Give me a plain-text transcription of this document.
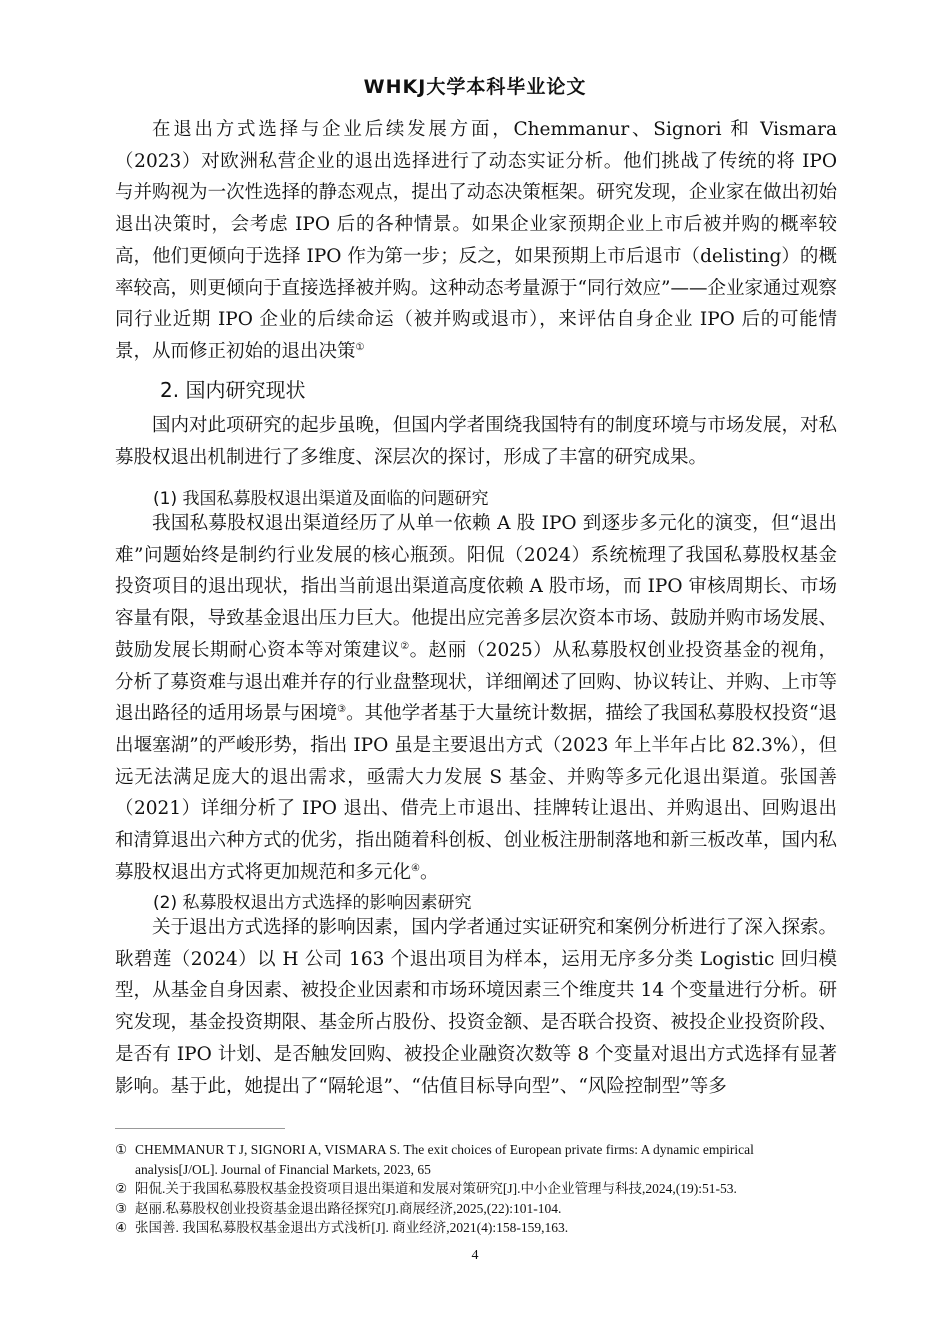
WHKJ大学本科毕业论文

在退出方式选择与企业后续发展方面，Chemmanur、Signori 和 Vismara（2023）对欧洲私营企业的退出选择进行了动态实证分析。他们挑战了传统的将 IPO 与并购视为一次性选择的静态观点，提出了动态决策框架。研究发现，企业家在做出初始退出决策时，会考虑 IPO 后的各种情景。如果企业家预期企业上市后被并购的概率较高，他们更倾向于选择 IPO 作为第一步；反之，如果预期上市后退市（delisting）的概率较高，则更倾向于直接选择被并购。这种动态考量源于“同行效应”——企业家通过观察同行业近期 IPO 企业的后续命运（被并购或退市），来评估自身企业 IPO 后的可能情景，从而修正初始的退出决策①

2. 国内研究现状

国内对此项研究的起步虽晚，但国内学者围绕我国特有的制度环境与市场发展，对私募股权退出机制进行了多维度、深层次的探讨，形成了丰富的研究成果。

(1) 我国私募股权退出渠道及面临的问题研究

我国私募股权退出渠道经历了从单一依赖 A 股 IPO 到逐步多元化的演变，但“退出难”问题始终是制约行业发展的核心瓶颈。阳侃（2024）系统梳理了我国私募股权基金投资项目的退出现状，指出当前退出渠道高度依赖 A 股市场，而 IPO 审核周期长、市场容量有限，导致基金退出压力巨大。他提出应完善多层次资本市场、鼓励并购市场发展、鼓励发展长期耐心资本等对策建议②。赵丽（2025）从私募股权创业投资基金的视角，分析了募资难与退出难并存的行业盘整现状，详细阐述了回购、协议转让、并购、上市等退出路径的适用场景与困境③。其他学者基于大量统计数据，描绘了我国私募股权投资“退出堰塞湖”的严峻形势，指出 IPO 虽是主要退出方式（2023 年上半年占比 82.3%），但远无法满足庞大的退出需求，亟需大力发展 S 基金、并购等多元化退出渠道。张国善（2021）详细分析了 IPO 退出、借壳上市退出、挂牌转让退出、并购退出、回购退出和清算退出六种方式的优劣，指出随着科创板、创业板注册制落地和新三板改革，国内私募股权退出方式将更加规范和多元化④。

(2) 私募股权退出方式选择的影响因素研究

关于退出方式选择的影响因素，国内学者通过实证研究和案例分析进行了深入探索。耿碧莲（2024）以 H 公司 163 个退出项目为样本，运用无序多分类 Logistic 回归模型，从基金自身因素、被投企业因素和市场环境因素三个维度共 14 个变量进行分析。研究发现，基金投资期限、基金所占股份、投资金额、是否联合投资、被投企业投资阶段、是否有 IPO 计划、是否触发回购、被投企业融资次数等 8 个变量对退出方式选择有显著影响。基于此，她提出了“隔轮退”、“估值目标导向型”、“风险控制型”等多

① CHEMMANUR T J, SIGNORI A, VISMARA S. The exit choices of European private firms: A dynamic empirical

analysis[J/OL]. Journal of Financial Markets, 2023, 65

② 阳侃.关于我国私募股权基金投资项目退出渠道和发展对策研究[J].中小企业管理与科技,2024,(19):51-53.

③ 赵丽.私募股权创业投资基金退出路径探究[J].商展经济,2025,(22):101-104.

④ 张国善. 我国私募股权基金退出方式浅析[J]. 商业经济,2021(4):158-159,163.

4
